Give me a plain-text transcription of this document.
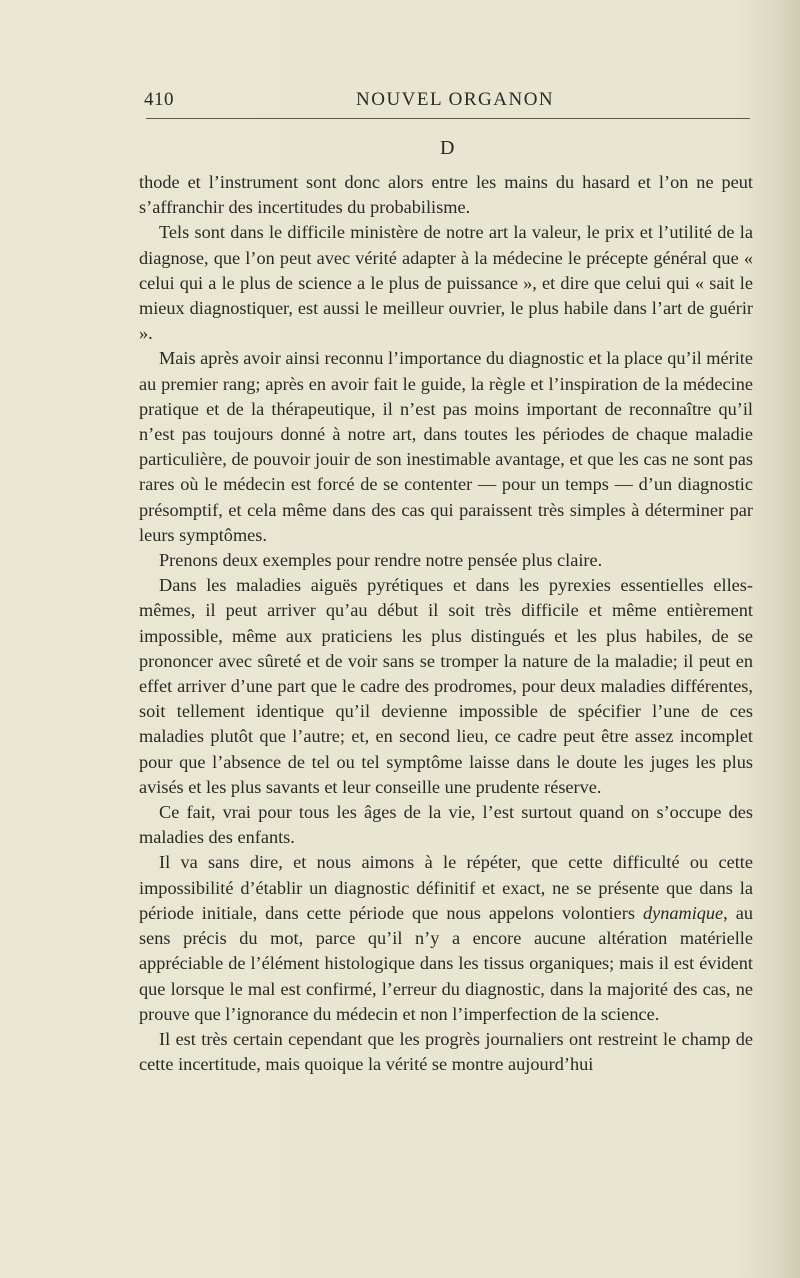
410	NOUVEL ORGANON
D

thode et l’instrument sont donc alors entre les mains du hasard et l’on ne peut s’affranchir des incertitudes du probabilisme.

Tels sont dans le difficile ministère de notre art la valeur, le prix et l’utilité de la diagnose, que l’on peut avec vérité adapter à la médecine le précepte général que « celui qui a le plus de science a le plus de puissance », et dire que celui qui « sait le mieux diagnostiquer, est aussi le meilleur ouvrier, le plus habile dans l’art de guérir ».

Mais après avoir ainsi reconnu l’importance du diagnostic et la place qu’il mérite au premier rang; après en avoir fait le guide, la règle et l’inspiration de la médecine pratique et de la thérapeutique, il n’est pas moins important de reconnaître qu’il n’est pas toujours donné à notre art, dans toutes les périodes de chaque maladie particulière, de pouvoir jouir de son inestimable avantage, et que les cas ne sont pas rares où le médecin est forcé de se contenter — pour un temps — d’un diagnostic présomptif, et cela même dans des cas qui paraissent très simples à déterminer par leurs symptômes.

Prenons deux exemples pour rendre notre pensée plus claire.

Dans les maladies aiguës pyrétiques et dans les pyrexies essentielles elles-mêmes, il peut arriver qu’au début il soit très difficile et même entièrement impossible, même aux praticiens les plus distingués et les plus habiles, de se prononcer avec sûreté et de voir sans se tromper la nature de la maladie; il peut en effet arriver d’une part que le cadre des prodromes, pour deux maladies différentes, soit tellement identique qu’il devienne impossible de spécifier l’une de ces maladies plutôt que l’autre; et, en second lieu, ce cadre peut être assez incomplet pour que l’absence de tel ou tel symptôme laisse dans le doute les juges les plus avisés et les plus savants et leur conseille une prudente réserve.

Ce fait, vrai pour tous les âges de la vie, l’est surtout quand on s’occupe des maladies des enfants.

Il va sans dire, et nous aimons à le répéter, que cette difficulté ou cette impossibilité d’établir un diagnostic définitif et exact, ne se présente que dans la période initiale, dans cette période que nous appelons volontiers dynamique, au sens précis du mot, parce qu’il n’y a encore aucune altération matérielle appréciable de l’élément histologique dans les tissus organiques; mais il est évident que lorsque le mal est confirmé, l’erreur du diagnostic, dans la majorité des cas, ne prouve que l’ignorance du médecin et non l’imperfection de la science.

Il est très certain cependant que les progrès journaliers ont restreint le champ de cette incertitude, mais quoique la vérité se montre aujourd’hui
